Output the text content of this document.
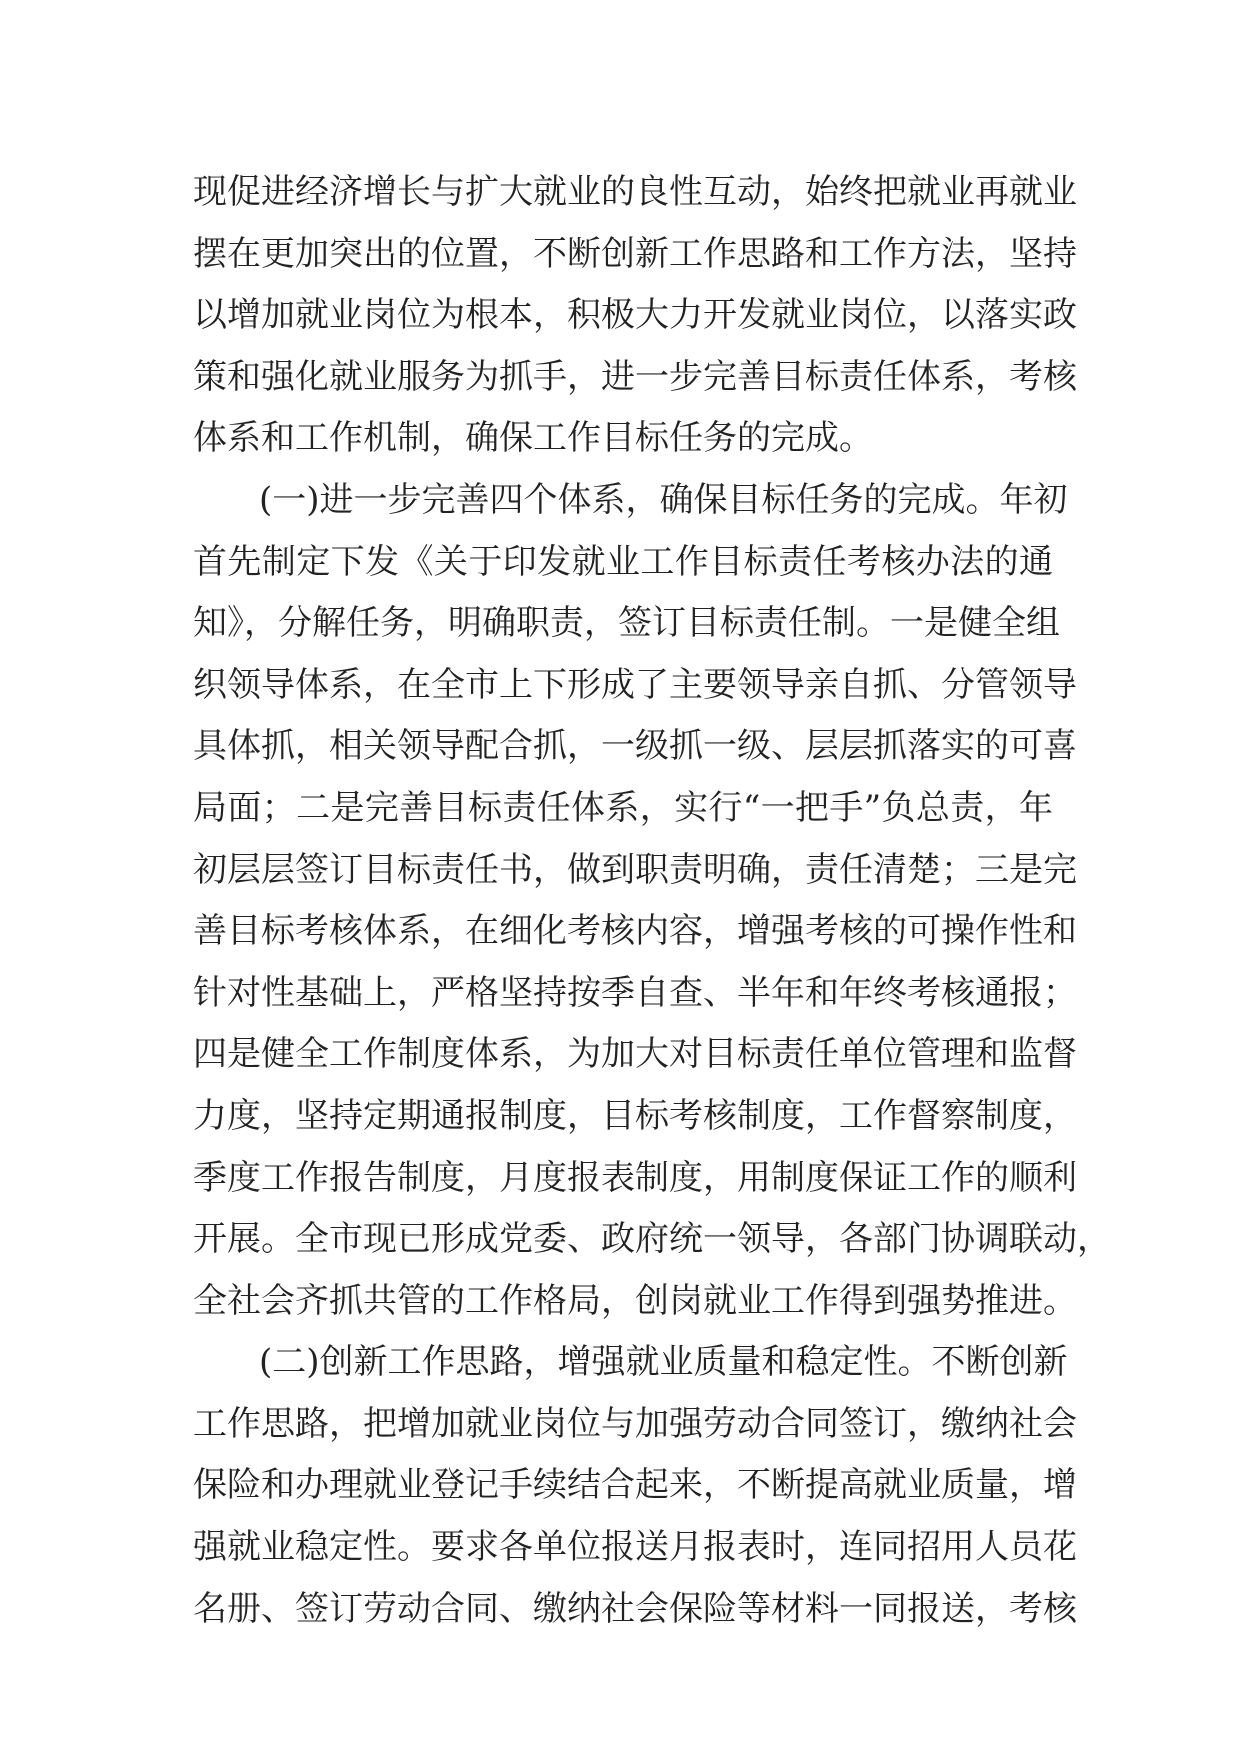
现促进经济增长与扩大就业的良性互动，始终把就业再就业
摆在更加突出的位置，不断创新工作思路和工作方法，坚持
以增加就业岗位为根本，积极大力开发就业岗位，以落实政
策和强化就业服务为抓手，进一步完善目标责任体系，考核
体系和工作机制，确保工作目标任务的完成。
(一)进一步完善四个体系，确保目标任务的完成。年初
首先制定下发《关于印发就业工作目标责任考核办法的通
知》，分解任务，明确职责，签订目标责任制。一是健全组
织领导体系，在全市上下形成了主要领导亲自抓、分管领导
具体抓，相关领导配合抓，一级抓一级、层层抓落实的可喜
局面；二是完善目标责任体系，实行“一把手”负总责，年
初层层签订目标责任书，做到职责明确，责任清楚；三是完
善目标考核体系，在细化考核内容，增强考核的可操作性和
针对性基础上，严格坚持按季自查、半年和年终考核通报；
四是健全工作制度体系，为加大对目标责任单位管理和监督
力度，坚持定期通报制度，目标考核制度，工作督察制度，
季度工作报告制度，月度报表制度，用制度保证工作的顺利
开展。全市现已形成党委、政府统一领导，各部门协调联动，
全社会齐抓共管的工作格局，创岗就业工作得到强势推进。
(二)创新工作思路，增强就业质量和稳定性。不断创新
工作思路，把增加就业岗位与加强劳动合同签订，缴纳社会
保险和办理就业登记手续结合起来，不断提高就业质量，增
强就业稳定性。要求各单位报送月报表时，连同招用人员花
名册、签订劳动合同、缴纳社会保险等材料一同报送，考核
